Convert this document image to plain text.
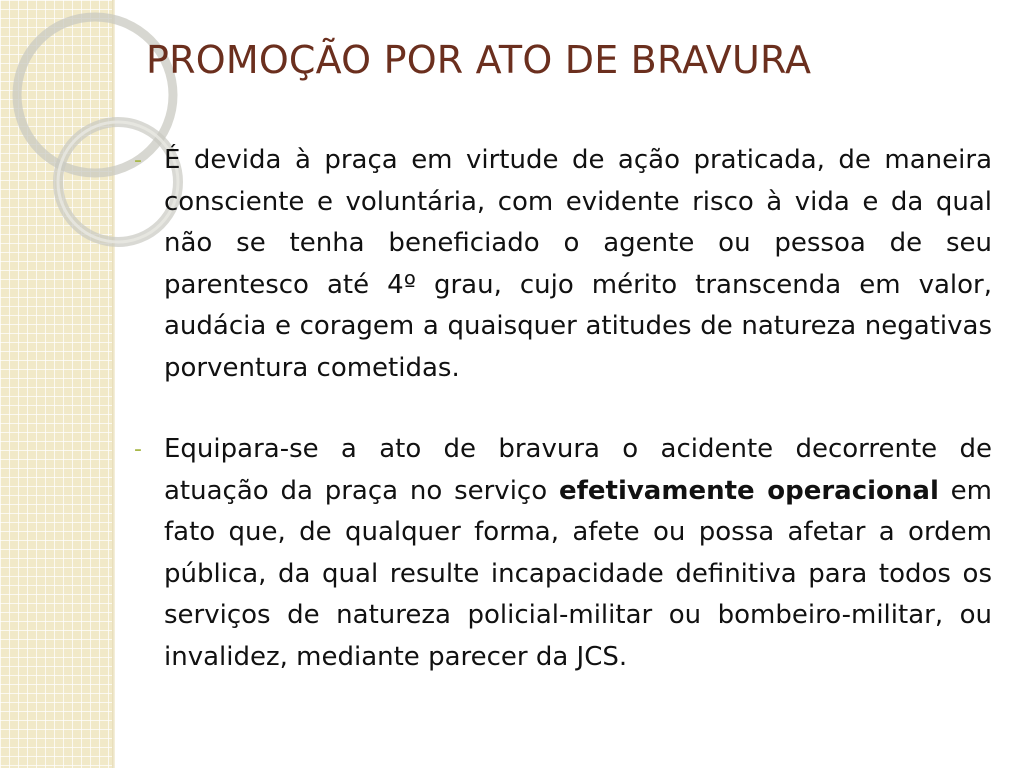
PROMOÇÃO POR ATO DE BRAVURA
- É devida à praça em virtude de ação praticada, de maneira consciente e voluntária, com evidente risco à vida e da qual não se tenha beneficiado o agente ou pessoa de seu parentesco até 4º grau, cujo mérito transcenda em valor, audácia e coragem a quaisquer atitudes de natureza negativas porventura cometidas.

- Equipara-se a ato de bravura o acidente decorrente de atuação da praça no serviço efetivamente operacional em fato que, de qualquer forma, afete ou possa afetar a ordem pública, da qual resulte incapacidade definitiva para todos os serviços de natureza policial-militar ou bombeiro-militar, ou invalidez, mediante parecer da JCS.
